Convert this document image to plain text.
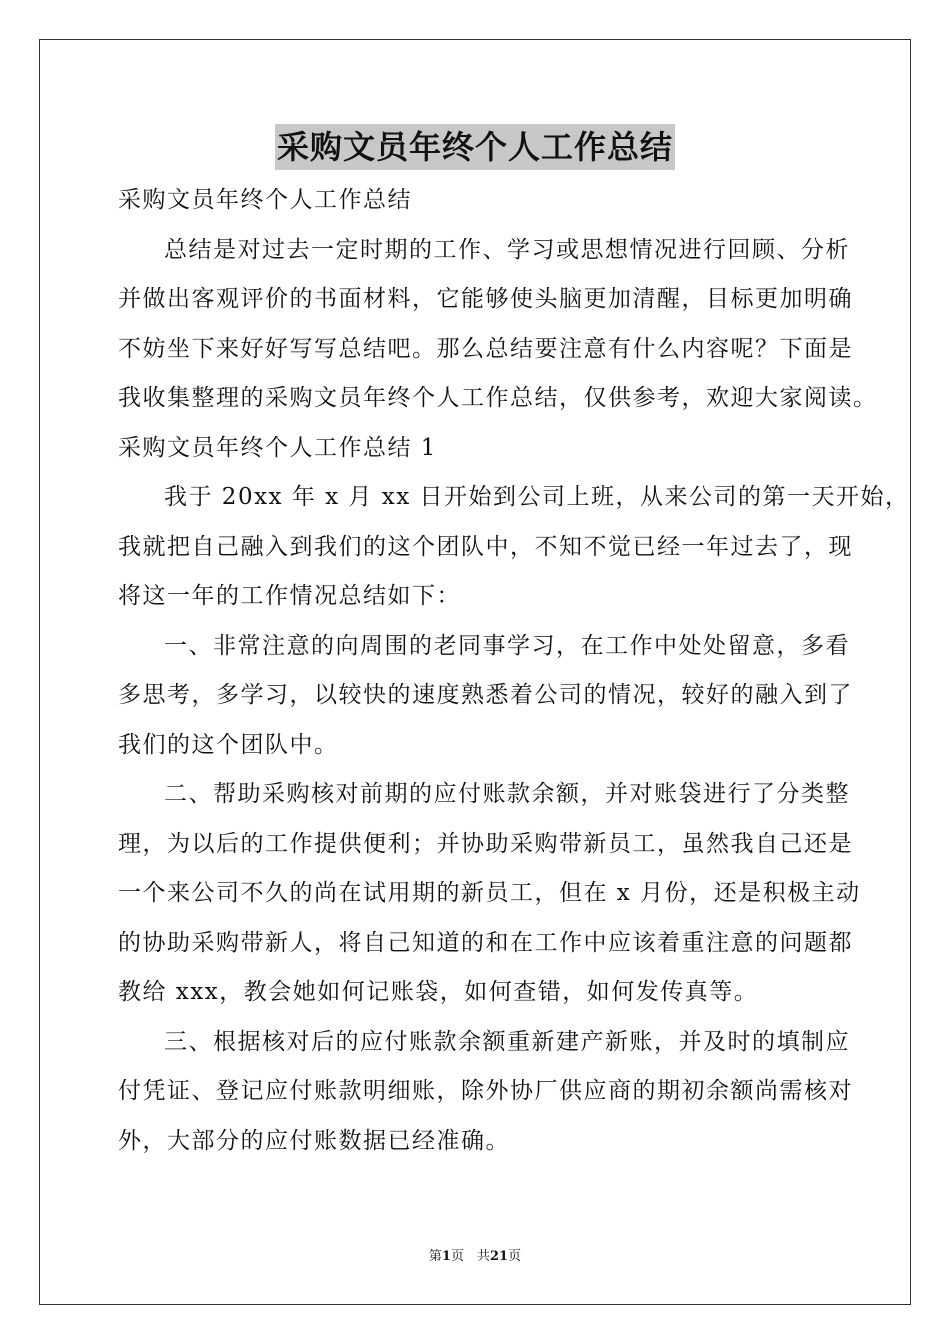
采购文员年终个人工作总结
采购文员年终个人工作总结
总结是对过去一定时期的工作、学习或思想情况进行回顾、分析
并做出客观评价的书面材料，它能够使头脑更加清醒，目标更加明确
不妨坐下来好好写写总结吧。那么总结要注意有什么内容呢？下面是
我收集整理的采购文员年终个人工作总结，仅供参考，欢迎大家阅读。
采购文员年终个人工作总结 1
我于 20xx 年 x 月 xx 日开始到公司上班，从来公司的第一天开始，
我就把自己融入到我们的这个团队中，不知不觉已经一年过去了，现
将这一年的工作情况总结如下：
一、非常注意的向周围的老同事学习，在工作中处处留意，多看
多思考，多学习，以较快的速度熟悉着公司的情况，较好的融入到了
我们的这个团队中。
二、帮助采购核对前期的应付账款余额，并对账袋进行了分类整
理，为以后的工作提供便利；并协助采购带新员工，虽然我自己还是
一个来公司不久的尚在试用期的新员工，但在 x 月份，还是积极主动
的协助采购带新人，将自己知道的和在工作中应该着重注意的问题都
教给 xxx，教会她如何记账袋，如何查错，如何发传真等。
三、根据核对后的应付账款余额重新建产新账，并及时的填制应
付凭证、登记应付账款明细账，除外协厂供应商的期初余额尚需核对
外，大部分的应付账数据已经准确。
第1页　共21页
